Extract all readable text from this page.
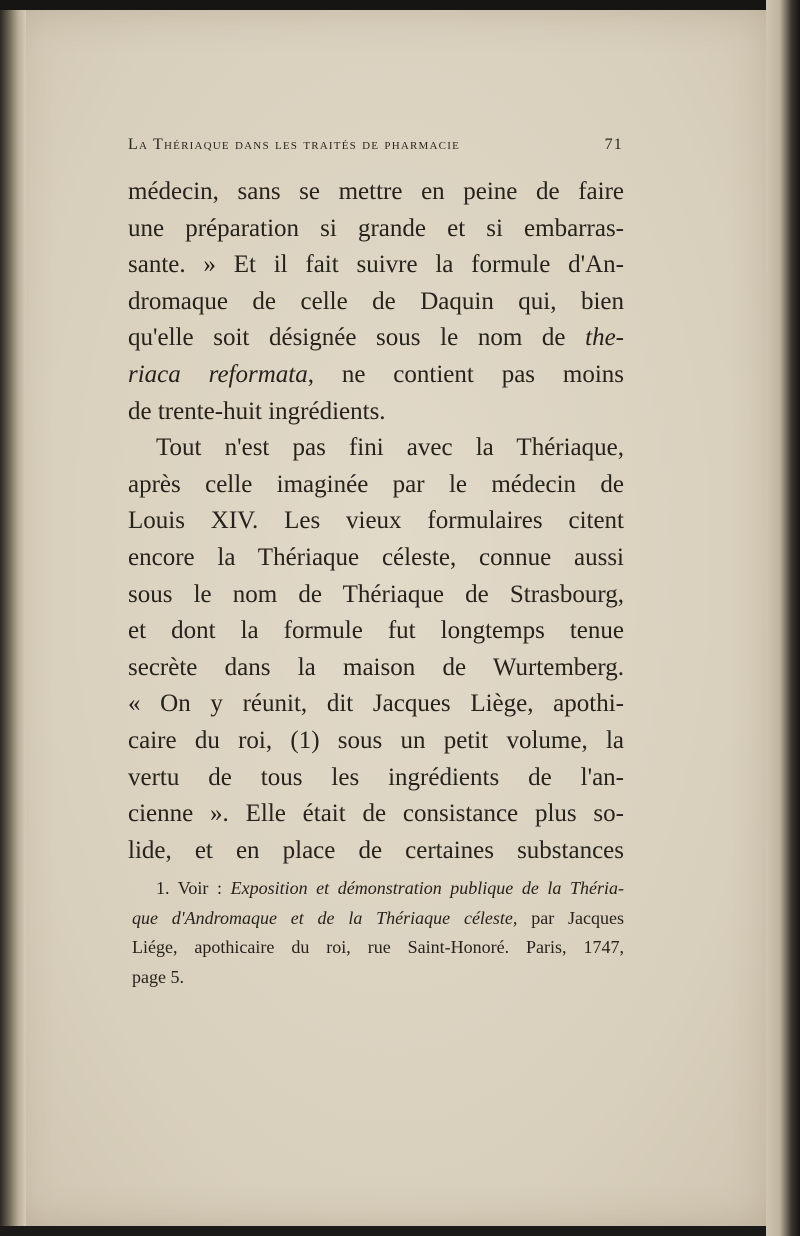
La Thériaque dans les traités de pharmacie	71
médecin, sans se mettre en peine de faire
une préparation si grande et si embarras-
sante. » Et il fait suivre la formule d'An-
dromaque de celle de Daquin qui, bien
qu'elle soit désignée sous le nom de the-
riaca reformata, ne contient pas moins
de trente-huit ingrédients.
Tout n'est pas fini avec la Thériaque,
après celle imaginée par le médecin de
Louis XIV. Les vieux formulaires citent
encore la Thériaque céleste, connue aussi
sous le nom de Thériaque de Strasbourg,
et dont la formule fut longtemps tenue
secrète dans la maison de Wurtemberg.
« On y réunit, dit Jacques Liège, apothi-
caire du roi, (1) sous un petit volume, la
vertu de tous les ingrédients de l'an-
cienne ». Elle était de consistance plus so-
lide, et en place de certaines substances
1. Voir : Exposition et démonstration publique de la Théria-
que d'Andromaque et de la Thériaque céleste, par Jacques
Liége, apothicaire du roi, rue Saint-Honoré. Paris, 1747,
page 5.
